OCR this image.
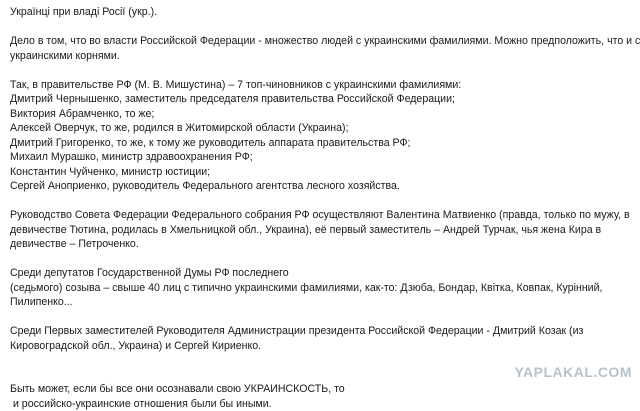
Українці при владі Росії (укр.).
Дело в том, что во власти Российской Федерации - множество людей с украинскими фамилиями. Можно предположить, что и с
украинскими корнями.
Так, в правительстве РФ (М. В. Мишустина) – 7 топ-чиновников с украинскими фамилиями:
Дмитрий Чернышенко, заместитель председателя правительства Российской Федерации;
Виктория Абрамченко, то же;
Алексей Оверчук, то же, родился в Житомирской области (Украина);
Дмитрий Григоренко, то же, к тому же руководитель аппарата правительства РФ;
Михаил Мурашко, министр здравоохранения РФ;
Константин Чуйченко, министр юстиции;
Сергей Аноприенко, руководитель Федерального агентства лесного хозяйства.
Руководство Совета Федерации Федерального собрания РФ осуществляют Валентина Матвиенко (правда, только по мужу, в
девичестве Тютина, родилась в Хмельницкой обл., Украина), её первый заместитель – Андрей Турчак, чья жена Кира в
девичестве – Петроченко.
Среди депутатов Государственной Думы РФ последнего
(седьмого) созыва – свыше 40 лиц с типично украинскими фамилиями, как-то: Дзюба, Бондар, Квітка, Ковпак, Курінний,
Пилипенко...
Среди Первых заместителей Руководителя Администрации президента Российской Федерации - Дмитрий Козак (из
Кировоградской обл., Украина) и Сергей Кириенко.
Быть может, если бы все они осознавали свою УКРАИНСКОСТЬ, то
и российско-украинские отношения были бы иными.
YAPLAKAL.COM
